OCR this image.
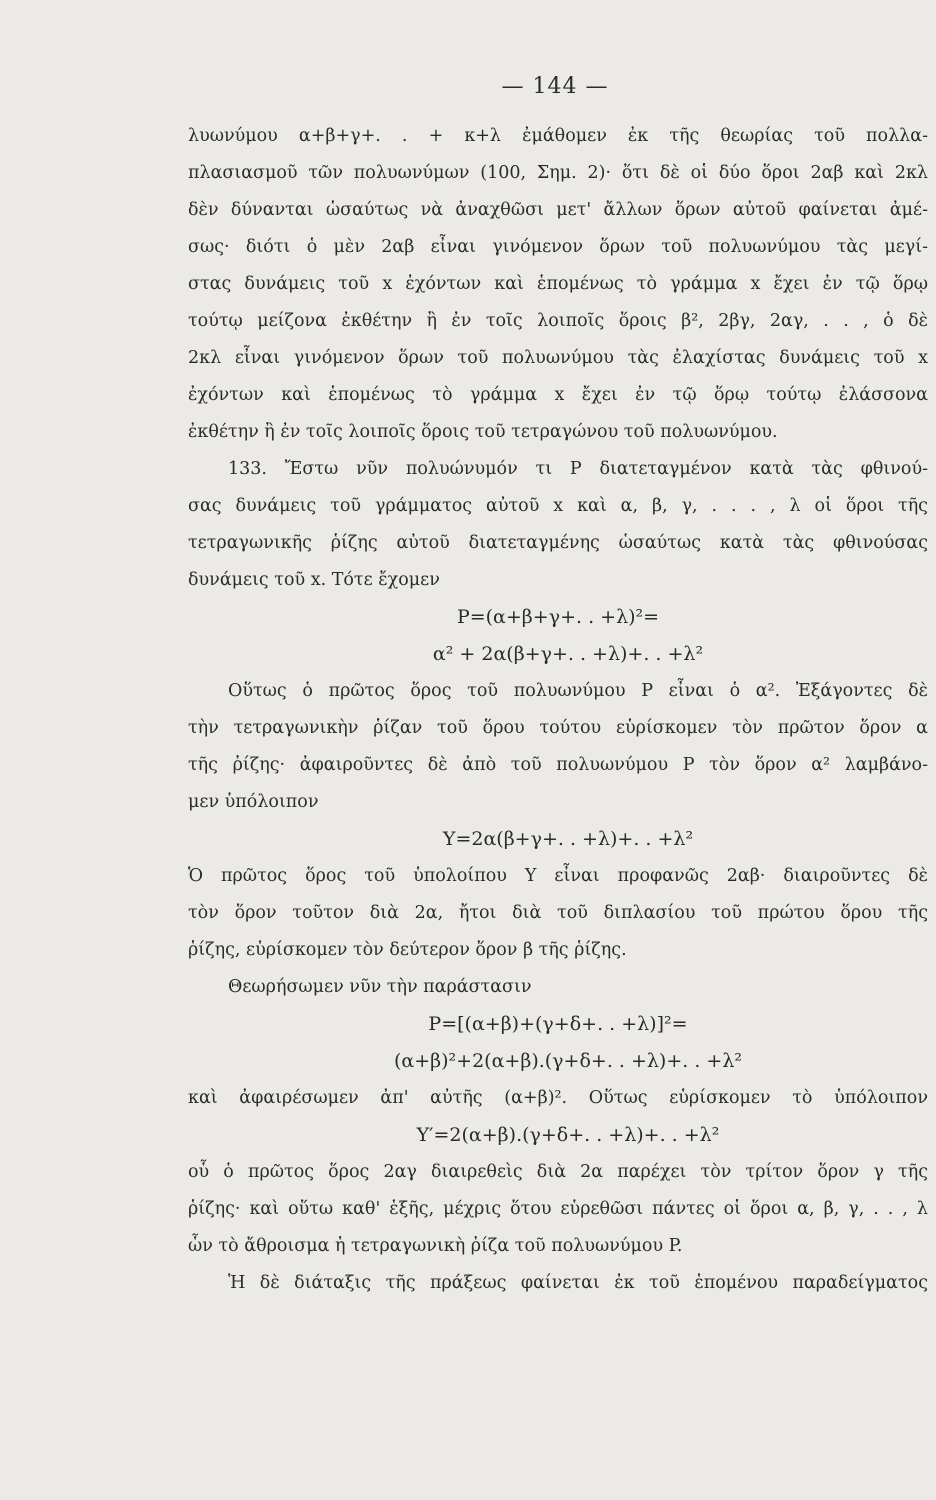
— 144 —
λυωνύμου α+β+γ+. . + κ+λ ἐμάθομεν ἐκ τῆς θεωρίας τοῦ πολλα-
πλασιασμοῦ τῶν πολυωνύμων (100, Σημ. 2)· ὅτι δὲ οἱ δύο ὅροι 2αβ καὶ 2κλ
δὲν δύνανται ὡσαύτως νὰ ἀναχθῶσι μετ' ἄλλων ὅρων αὐτοῦ φαίνεται ἀμέ-
σως· διότι ὁ μὲν 2αβ εἶναι γινόμενον ὅρων τοῦ πολυωνύμου τὰς μεγί-
στας δυνάμεις τοῦ x ἐχόντων καὶ ἑπομένως τὸ γράμμα x ἔχει ἐν τῷ ὅρῳ
τούτῳ μείζονα ἐκθέτην ἢ ἐν τοῖς λοιποῖς ὅροις β², 2βγ, 2αγ, . . , ὁ δὲ
2κλ εἶναι γινόμενον ὅρων τοῦ πολυωνύμου τὰς ἐλαχίστας δυνάμεις τοῦ x
ἐχόντων καὶ ἑπομένως τὸ γράμμα x ἔχει ἐν τῷ ὅρῳ τούτῳ ἐλάσσονα
ἐκθέτην ἢ ἐν τοῖς λοιποῖς ὅροις τοῦ τετραγώνου τοῦ πολυωνύμου.
133. Ἔστω νῦν πολυώνυμόν τι P διατεταγμένον κατὰ τὰς φθινού-
σας δυνάμεις τοῦ γράμματος αὐτοῦ x καὶ α, β, γ, . . . , λ οἱ ὅροι τῆς
τετραγωνικῆς ῥίζης αὐτοῦ διατεταγμένης ὡσαύτως κατὰ τὰς φθινούσας
δυνάμεις τοῦ x. Τότε ἔχομεν
P=(α+β+γ+. . +λ)²=
α² + 2α(β+γ+. . +λ)+. . +λ²
Οὕτως ὁ πρῶτος ὅρος τοῦ πολυωνύμου P εἶναι ὁ α². Ἐξάγοντες δὲ
τὴν τετραγωνικὴν ῥίζαν τοῦ ὅρου τούτου εὑρίσκομεν τὸν πρῶτον ὅρον α
τῆς ῥίζης· ἀφαιροῦντες δὲ ἀπὸ τοῦ πολυωνύμου P τὸν ὅρον α² λαμβάνο-
μεν ὑπόλοιπον
Y=2α(β+γ+. . +λ)+. . +λ²
Ὁ πρῶτος ὅρος τοῦ ὑπολοίπου Y εἶναι προφανῶς 2αβ· διαιροῦντες δὲ
τὸν ὅρον τοῦτον διὰ 2α, ἤτοι διὰ τοῦ διπλασίου τοῦ πρώτου ὅρου τῆς
ῥίζης, εὑρίσκομεν τὸν δεύτερον ὅρον β τῆς ῥίζης.
Θεωρήσωμεν νῦν τὴν παράστασιν
P=[(α+β)+(γ+δ+. . +λ)]²=
(α+β)²+2(α+β).(γ+δ+. . +λ)+. . +λ²
καὶ ἀφαιρέσωμεν ἀπ' αὐτῆς (α+β)². Οὕτως εὑρίσκομεν τὸ ὑπόλοιπον
Y′=2(α+β).(γ+δ+. . +λ)+. . +λ²
οὗ ὁ πρῶτος ὅρος 2αγ διαιρεθεὶς διὰ 2α παρέχει τὸν τρίτον ὅρον γ τῆς
ῥίζης· καὶ οὕτω καθ' ἑξῆς, μέχρις ὅτου εὑρεθῶσι πάντες οἱ ὅροι α, β, γ, . . , λ
ὧν τὸ ἄθροισμα ἡ τετραγωνικὴ ῥίζα τοῦ πολυωνύμου P.
Ἡ δὲ διάταξις τῆς πράξεως φαίνεται ἐκ τοῦ ἑπομένου παραδείγματος
